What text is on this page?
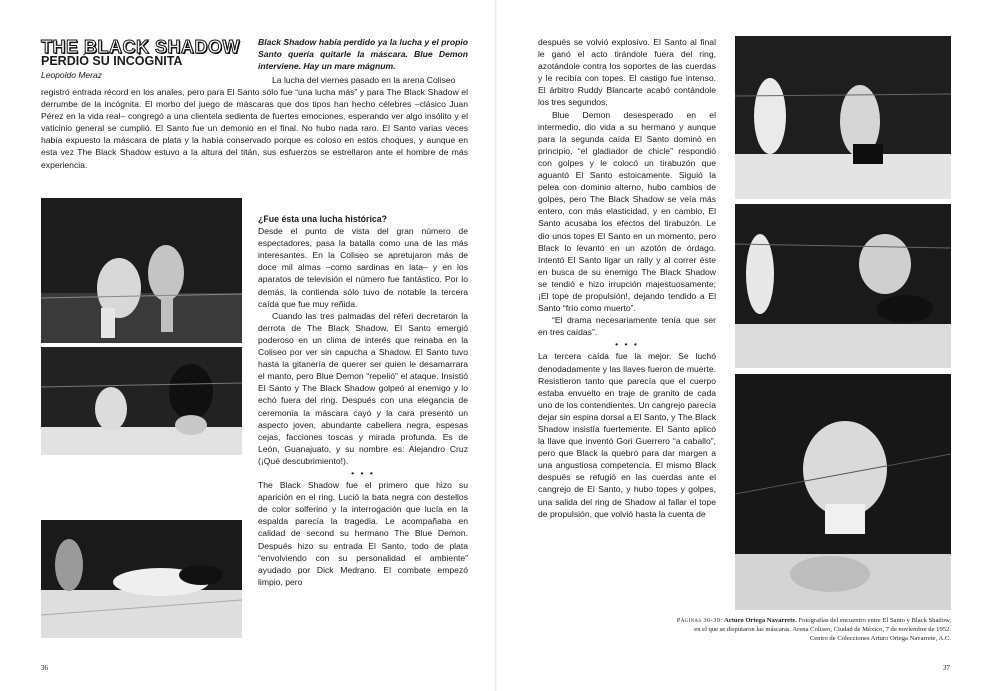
THE BLACK SHADOW
PERDIÓ SU INCÓGNITA
Leopoldo Meraz
Black Shadow había perdido ya la lucha y el propio Santo quería quitarle la máscara. Blue Demon interviene. Hay un mare mágnum.

La lucha del viernes pasado en la arena Coliseo

registró entrada récord en los anales, pero para El Santo sólo fue “una lucha más” y para The Black Shadow el derrumbe de la incógnita. El morbo del juego de máscaras que dos tipos han hecho célebres –clásico Juan Pérez en la vida real– congregó a una clientela sedienta de fuertes emociones, esperando ver algo insólito y el vaticinio general se cumplió. El Santo fue un demonio en el final. No hubo nada raro. El Santo varias veces había expuesto la máscara de plata y la había conservado porque es coloso en estos choques, y aunque en esta vez The Black Shadow estuvo a la altura del titán, sus esfuerzos se estrellaron ante el hombre de más experiencia.

¿Fue ésta una lucha histórica?

Desde el punto de vista del gran número de espectadores, pasa la batalla como una de las más interesantes. En la Coliseo se apretujaron más de doce mil almas –como sardinas en lata– y en los aparatos de televisión el número fue fantástico. Por lo demás, la contienda sólo tuvo de notable la tercera caída que fue muy reñida.

Cuando las tres palmadas del réferi decretaron la derrota de The Black Shadow, El Santo emergió poderoso en un clima de interés que reinaba en la Coliseo por ver sin capucha a Shadow. El Santo tuvo hasta la gitanería de querer ser quien le desamarrara el manto, pero Blue Demon “repelió” el ataque. Insistió El Santo y The Black Shadow golpeó al enemigo y lo echó fuera del ring. Después con una elegancia de ceremonia la máscara cayó y la cara presentó un aspecto joven, abundante cabellera negra, espesas cejas, facciones toscas y mirada profunda. Es de León, Guanajuato, y su nombre es: Alejandro Cruz (¡Qué descubrimiento!).

• • •

The Black Shadow fue el primero que hizo su aparición en el ring. Lució la bata negra con destellos de color solferino y la interrogación que lucía en la espalda parecía la tragedia. Le acompañaba en calidad de second su hermano The Blue Demon. Después hizo su entrada El Santo, todo de plata “envolviendo con su personalidad el ambiente” ayudado por Dick Medrano. El combate empezó limpio, pero

36

después se volvió explosivo. El Santo al final le ganó el acto tirándole fuera del ring, azotándole contra los soportes de las cuerdas y le recibía con topes. El castigo fue intenso. El árbitro Ruddy Blancarte acabó contándole los tres segundos.

Blue Demon desesperado en el intermedio, dio vida a su hermano y aunque para la segunda caída El Santo dominó en principio, “el gladiador de chicle” respondió con golpes y le colocó un tirabuzón que aguantó El Santo estoicamente. Siguió la pelea con dominio alterno, hubo cambios de golpes, pero The Black Shadow se veía más entero, con más elasticidad, y en cambio, El Santo acusaba los efectos del tirabuzón. Le dio unos topes El Santo en un momento, pero Black lo levantó en un azotón de órdago. Intentó El Santo ligar un rally y al correr éste en busca de su enemigo The Black Shadow se tendió e hizo irrupción majestuosamente; ¡El tope de propulsión!, dejando tendido a El Santo “frío como muerto”.

“El drama necesariamente tenía que ser en tres caídas”.

• • •

La tercera caída fue la mejor. Se luchó denodadamente y las llaves fueron de muerte. Resistieron tanto que parecía que el cuerpo estaba envuelto en traje de granito de cada uno de los contendientes. Un cangrejo parecía dejar sin espina dorsal a El Santo, y The Black Shadow insistía fuertemente. El Santo aplicó la llave que inventó Gori Guerrero “a caballo”, pero que Black la quebró para dar margen a una angustiosa competencia. El mismo Black después se refugió en las cuerdas ante el cangrejo de El Santo, y hubo topes y golpes, una salida del ring de Shadow al fallar el tope de propulsión, que volvió hasta la cuenta de

Páginas 36-39: Arturo Ortega Navarrete. Fotografías del encuentro entre El Santo y Black Shadow,
en el que se disputaron las máscaras. Arena Coliseo, Ciudad de México, 7 de noviembre de 1952.
Centro de Colecciones Arturo Ortega Navarrete, A.C.
37
